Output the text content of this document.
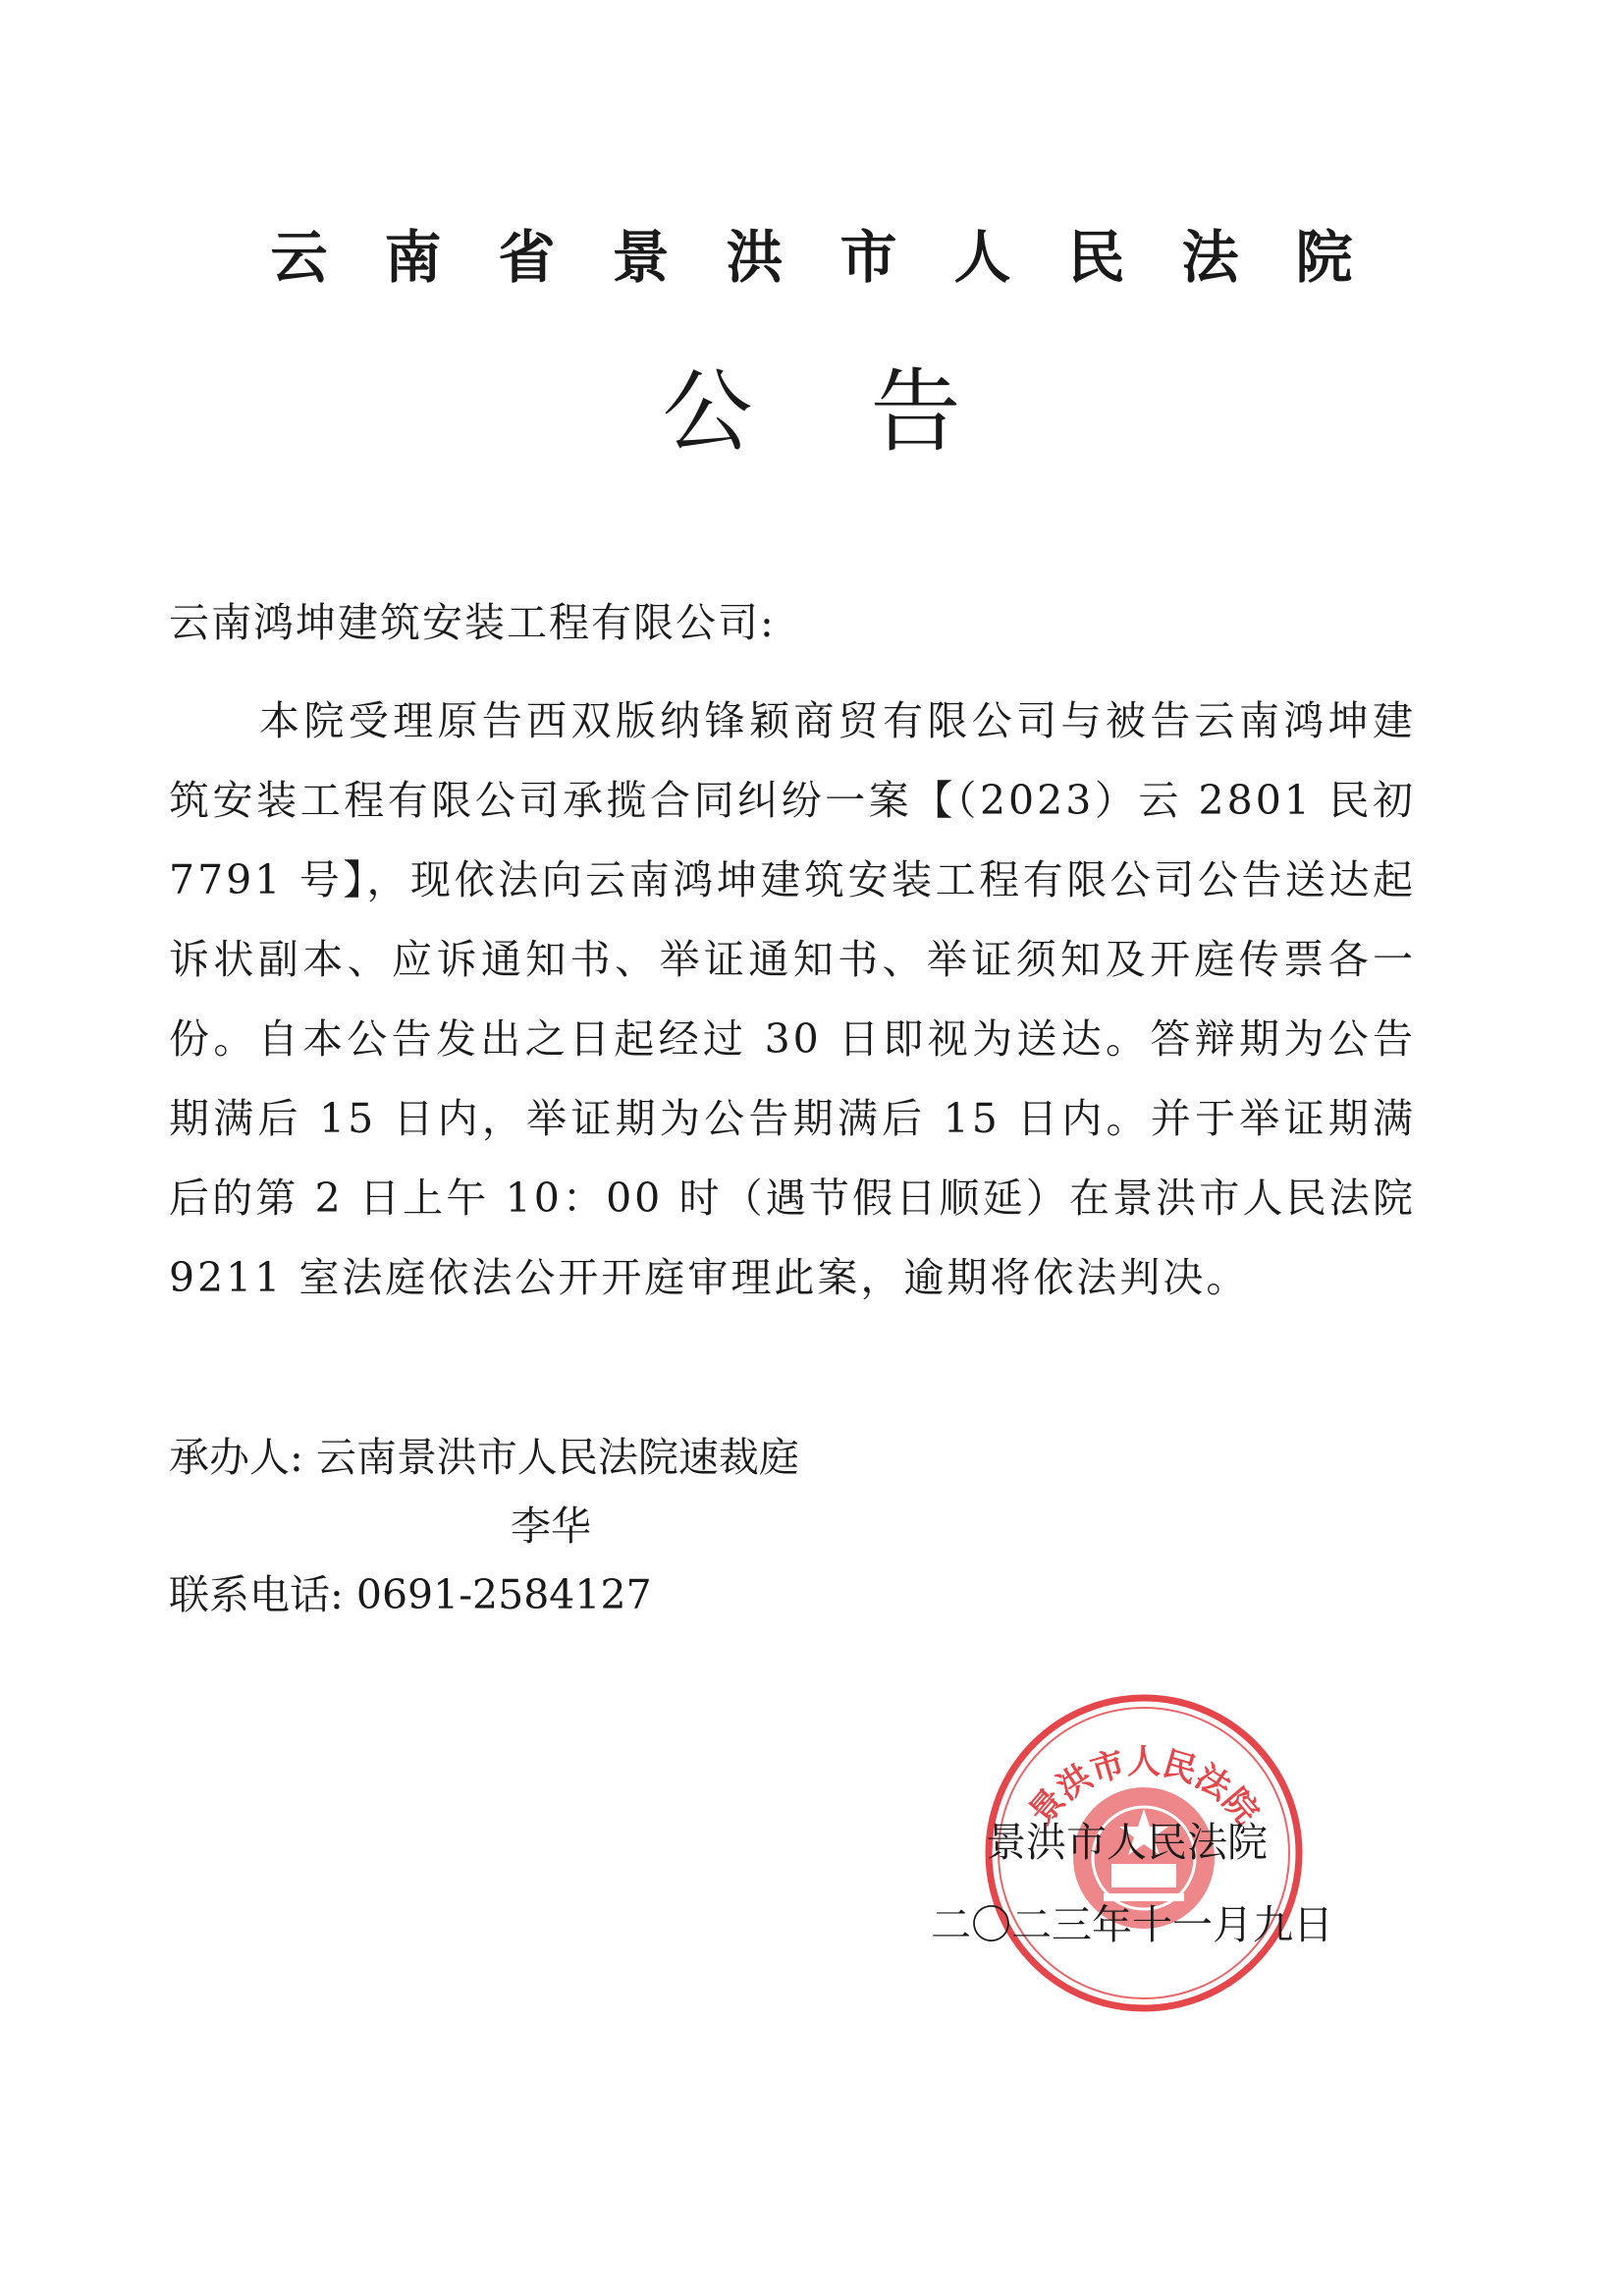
云南省景洪市人民法院
公告
云南鸿坤建筑安装工程有限公司:

本院受理原告西双版纳锋颖商贸有限公司与被告云南鸿坤建筑安装工程有限公司承揽合同纠纷一案【（2023）云 2801 民初 7791 号】，现依法向云南鸿坤建筑安装工程有限公司公告送达起诉状副本、应诉通知书、举证通知书、举证须知及开庭传票各一份。自本公告发出之日起经过 30 日即视为送达。答辩期为公告期满后 15 日内，举证期为公告期满后 15 日内。并于举证期满后的第 2 日上午 10：00 时（遇节假日顺延）在景洪市人民法院 9211 室法庭依法公开开庭审理此案，逾期将依法判决。

承办人: 云南景洪市人民法院速裁庭
李华
联系电话: 0691-2584127
景洪市人民法院
景洪市人民法院
二〇二三年十一月九日
